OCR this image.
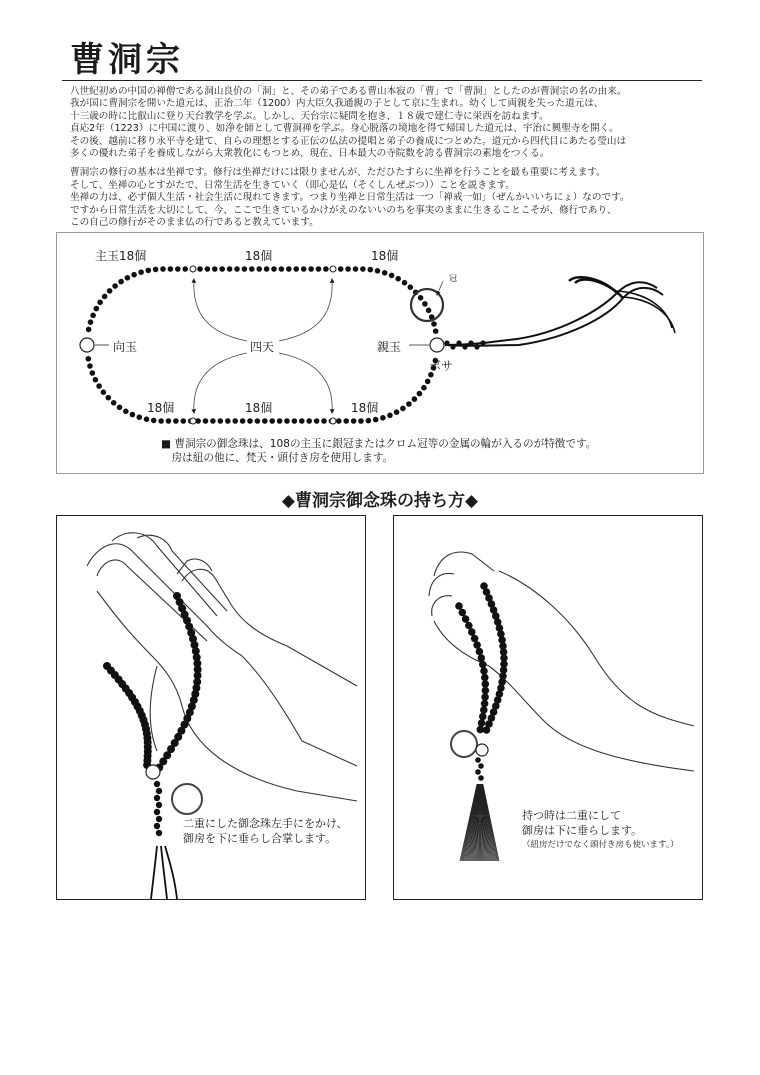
曹洞宗

八世紀初めの中国の禅僧である洞山良价の「洞」と、その弟子である曹山本寂の「曹」で「曹洞」としたのが曹洞宗の名の由来。

我が国に曹洞宗を開いた道元は、正治二年（1200）内大臣久我通親の子として京に生まれ。幼くして両親を失った道元は、

十三歳の時に比叡山に登り天台教学を学ぶ。しかし、天台宗に疑問を抱き、１８歳で建仁寺に栄西を訪ねます。

貞応2年（1223）に中国に渡り、如浄を師として曹洞禅を学ぶ。身心脱落の境地を得て帰国した道元は、宇治に興聖寺を開く。

その後、越前に移り永平寺を建て、自らの理想とする正伝の仏法の提唱と弟子の養成につとめた。道元から四代目にあたる瑩山は

多くの優れた弟子を養成しながら大衆教化にもつとめ、現在、日本最大の寺院数を誇る曹洞宗の素地をつくる。

曹洞宗の修行の基本は坐禅です。修行は坐禅だけには限りませんが、ただひたすらに坐禅を行うことを最も重要に考えます。

そして、坐禅の心とすがたで、日常生活を生きていく（即心是仏（そくしんぜぶつ））ことを説きます。

坐禅の力は、必ず個人生活・社会生活に現れてきます。つまり坐禅と日常生活は一つ「禅戒一如」（ぜんかいいちにょ）なのです。

ですから日常生活を大切にして、今、ここで生きているかけがえのないいのちを事実のままに生きることこそが、修行であり、

この自己の修行がそのまま仏の行であると教えています。

主玉18個	18個	18個
冠
向玉	四天	親玉
ボサ
18個	18個	18個

■ 曹洞宗の御念珠は、108の主玉に銀冠またはクロム冠等の金属の輪が入るのが特徴です。

　房は紐の他に、梵天・頭付き房を使用します。

◆曹洞宗御念珠の持ち方◆

二重にした御念珠左手にをかけ、

御房を下に垂らし合掌します。

持つ時は二重にして

御房は下に垂らします。

（紐房だけでなく頭付き房も使います。）
